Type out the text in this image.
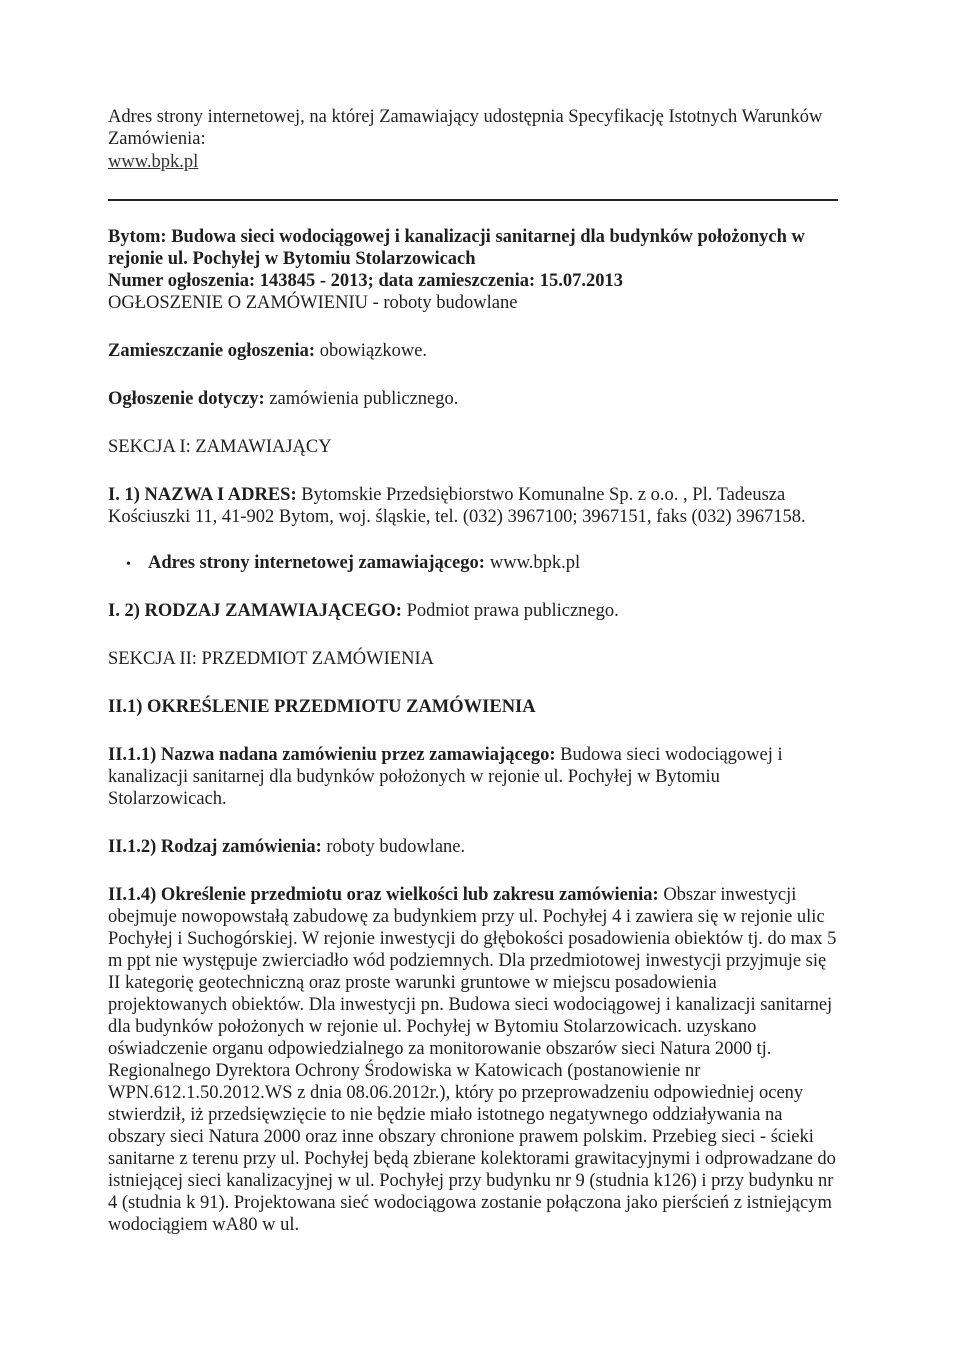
Adres strony internetowej, na której Zamawiający udostępnia Specyfikację Istotnych Warunków Zamówienia:

www.bpk.pl

Bytom: Budowa sieci wodociągowej i kanalizacji sanitarnej dla budynków położonych w

rejonie ul. Pochyłej w Bytomiu Stolarzowicach

Numer ogłoszenia: 143845 - 2013; data zamieszczenia: 15.07.2013

OGŁOSZENIE O ZAMÓWIENIU - roboty budowlane

Zamieszczanie ogłoszenia: obowiązkowe.

Ogłoszenie dotyczy: zamówienia publicznego.

SEKCJA I: ZAMAWIAJĄCY

I. 1) NAZWA I ADRES: Bytomskie Przedsiębiorstwo Komunalne Sp. z o.o. , Pl. Tadeusza Kościuszki 11, 41-902 Bytom, woj. śląskie, tel. (032) 3967100; 3967151, faks (032) 3967158.

• Adres strony internetowej zamawiającego: www.bpk.pl

I. 2) RODZAJ ZAMAWIAJĄCEGO: Podmiot prawa publicznego.

SEKCJA II: PRZEDMIOT ZAMÓWIENIA

II.1) OKREŚLENIE PRZEDMIOTU ZAMÓWIENIA

II.1.1) Nazwa nadana zamówieniu przez zamawiającego: Budowa sieci wodociągowej i kanalizacji sanitarnej dla budynków położonych w rejonie ul. Pochyłej w Bytomiu Stolarzowicach.

II.1.2) Rodzaj zamówienia: roboty budowlane.

II.1.4) Określenie przedmiotu oraz wielkości lub zakresu zamówienia: Obszar inwestycji obejmuje nowopowstałą zabudowę za budynkiem przy ul. Pochyłej 4 i zawiera się w rejonie ulic Pochyłej i Suchogórskiej. W rejonie inwestycji do głębokości posadowienia obiektów tj. do max 5 m ppt nie występuje zwierciadło wód podziemnych. Dla przedmiotowej inwestycji przyjmuje się II kategorię geotechniczną oraz proste warunki gruntowe w miejscu posadowienia projektowanych obiektów. Dla inwestycji pn. Budowa sieci wodociągowej i kanalizacji sanitarnej dla budynków położonych w rejonie ul. Pochyłej w Bytomiu Stolarzowicach. uzyskano oświadczenie organu odpowiedzialnego za monitorowanie obszarów sieci Natura 2000 tj. Regionalnego Dyrektora Ochrony Środowiska w Katowicach (postanowienie nr WPN.612.1.50.2012.WS z dnia 08.06.2012r.), który po przeprowadzeniu odpowiedniej oceny stwierdził, iż przedsięwzięcie to nie będzie miało istotnego negatywnego oddziaływania na obszary sieci Natura 2000 oraz inne obszary chronione prawem polskim. Przebieg sieci - ścieki sanitarne z terenu przy ul. Pochyłej będą zbierane kolektorami grawitacyjnymi i odprowadzane do istniejącej sieci kanalizacyjnej w ul. Pochyłej przy budynku nr 9 (studnia k126) i przy budynku nr 4 (studnia k 91). Projektowana sieć wodociągowa zostanie połączona jako pierścień z istniejącym wodociągiem wA80 w ul.
